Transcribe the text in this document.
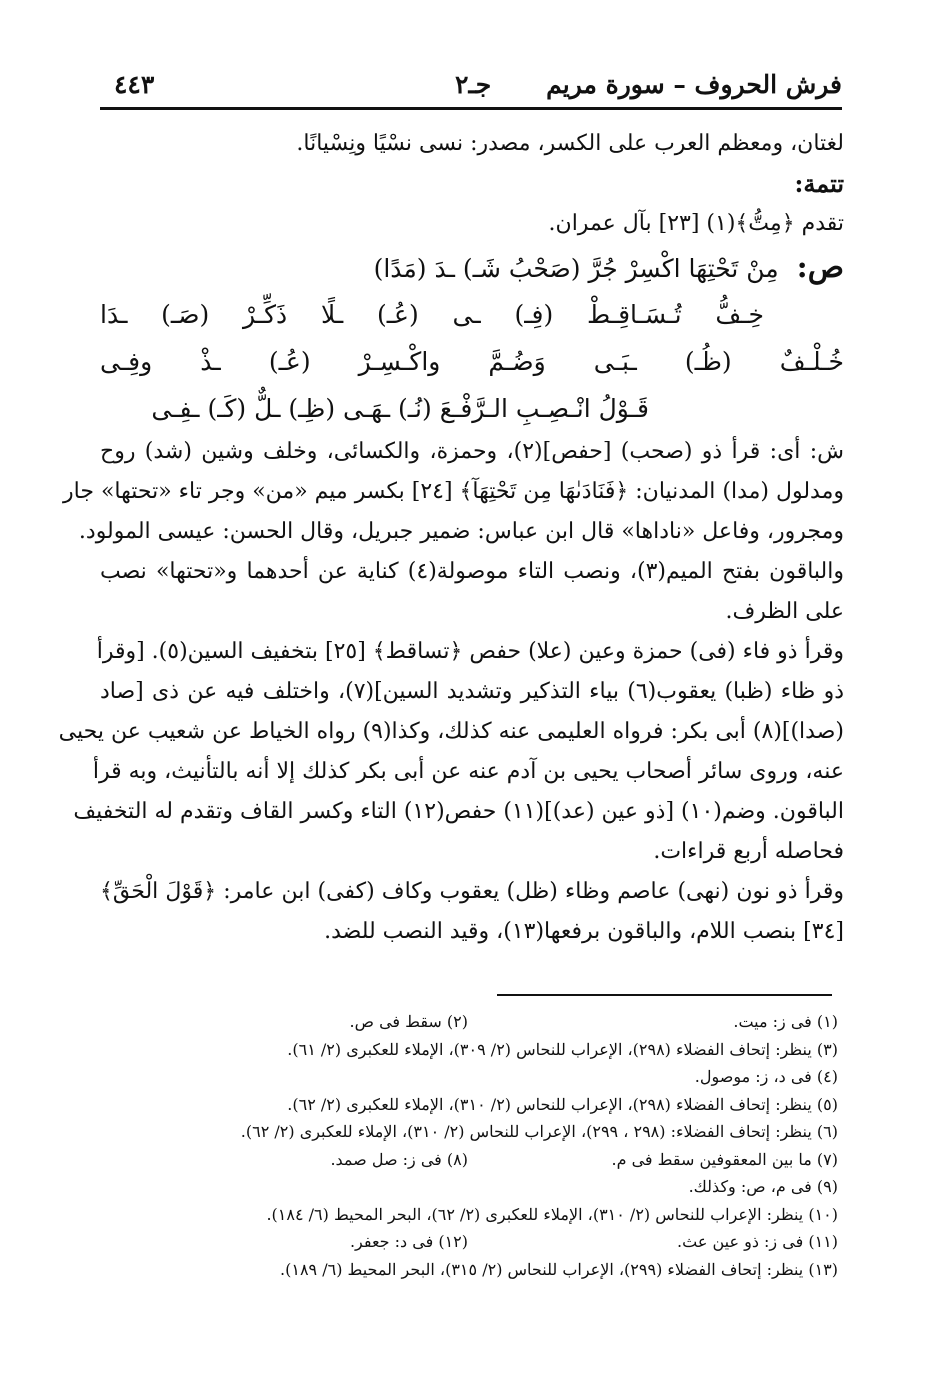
فرش الحروف – سورة مريم
جـ٢
٤٤٣
لغتان، ومعظم العرب على الكسر، مصدر: نسى نسْيًا ونِسْيانًا.
تتمة:
تقدم ﴿مِتُّ﴾(١) [٢٣] بآل عمران.
ص: مِنْ تَحْتِهَا اكْسِرْ جُرَّ (صَحْبُ شَـ) ـدَ (مَدًا)
خِـفُّ تُـسَـاقِـطْ (فِـ) ـى (عُـ) ـلًا ذَكِّـرْ (صَـ) ـدَا
خُـلْـفٌ (ظُـ) ـبَـى وَضُـمَّ واكْـسِـرْ (عُـ) ـذْ وفِـى
قَـوْلُ انْـصِـبِ الـرَّفْـعَ (نُـ) ـهَـى (ظِـ) ـلٌّ (كَـ) ـفِـى
ش: أى: قرأ ذو (صحب) [حفص](٢)، وحمزة، والكسائى، وخلف وشين (شد) روح
ومدلول (مدا) المدنيان: ﴿فَنَادَىٰهَا مِن تَحْتِهَآ﴾ [٢٤] بكسر ميم «من» وجر تاء «تحتها» جار
ومجرور، وفاعل «ناداها» قال ابن عباس: ضمير جبريل، وقال الحسن: عيسى المولود.
والباقون بفتح الميم(٣)، ونصب التاء موصولة(٤) كناية عن أحدهما و«تحتها» نصب
على الظرف.
وقرأ ذو فاء (فى) حمزة وعين (علا) حفص ﴿تساقط﴾ [٢٥] بتخفيف السين(٥). [وقرأ
ذو ظاء (ظبا) يعقوب(٦) بياء التذكير وتشديد السين](٧)، واختلف فيه عن ذى [صاد
(صدا)](٨) أبى بكر: فرواه العليمى عنه كذلك، وكذا(٩) رواه الخياط عن شعيب عن يحيى
عنه، وروى سائر أصحاب يحيى بن آدم عنه عن أبى بكر كذلك إلا أنه بالتأنيث، وبه قرأ
الباقون. وضم(١٠) [ذو عين (عد)](١١) حفص(١٢) التاء وكسر القاف وتقدم له التخفيف
فحاصله أربع قراءات.
وقرأ ذو نون (نهى) عاصم وظاء (ظل) يعقوب وكاف (كفى) ابن عامر: ﴿قَوْلَ الْحَقِّ﴾
[٣٤] بنصب اللام، والباقون برفعها(١٣)، وقيد النصب للضد.
(١) فى ز: ميت.(٢) سقط فى ص.
(٣) ينظر: إتحاف الفضلاء (٢٩٨)، الإعراب للنحاس (٢/ ٣٠٩)، الإملاء للعكبرى (٢/ ٦١).
(٤) فى د، ز: موصول.
(٥) ينظر: إتحاف الفضلاء (٢٩٨)، الإعراب للنحاس (٢/ ٣١٠)، الإملاء للعكبرى (٢/ ٦٢).
(٦) ينظر: إتحاف الفضلاء: (٢٩٨ ، ٢٩٩)، الإعراب للنحاس (٢/ ٣١٠)، الإملاء للعكبرى (٢/ ٦٢).
(٧) ما بين المعقوفين سقط فى م.(٨) فى ز: صل صمد.
(٩) فى م، ص: وكذلك.
(١٠) ينظر: الإعراب للنحاس (٢/ ٣١٠)، الإملاء للعكبرى (٢/ ٦٢)، البحر المحيط (٦/ ١٨٤).
(١١) فى ز: ذو عين عث.(١٢) فى د: جعفر.
(١٣) ينظر: إتحاف الفضلاء (٢٩٩)، الإعراب للنحاس (٢/ ٣١٥)، البحر المحيط (٦/ ١٨٩).
